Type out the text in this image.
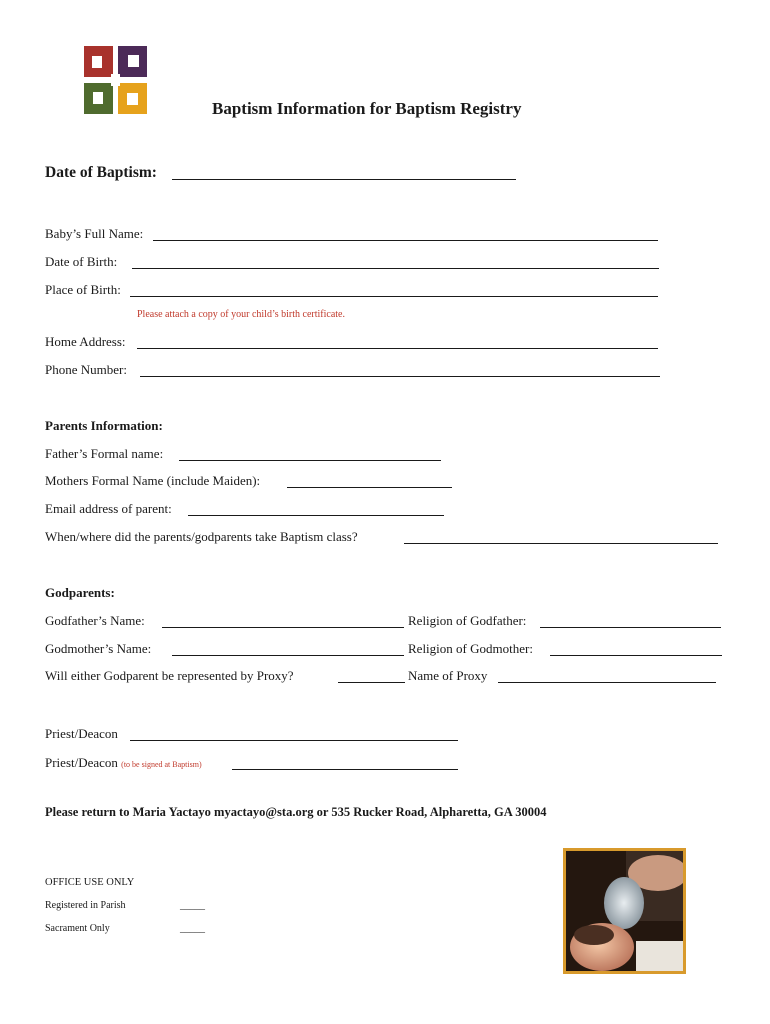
Baptism Information for Baptism Registry
Date of Baptism:
Baby’s Full Name:
Date of Birth:
Place of Birth:
Please attach a copy of your child’s birth certificate.
Home Address:
Phone Number:
Parents Information:
Father’s Formal name:
Mothers Formal Name (include Maiden):
Email address of parent:
When/where did the parents/godparents take Baptism class?
Godparents:
Godfather’s Name:	Religion of Godfather:
Godmother’s Name:	Religion of Godmother:
Will either Godparent be represented by Proxy?	Name of Proxy
Priest/Deacon
Priest/Deacon (to be signed at Baptism)
Please return to Maria Yactayo myactayo@sta.org or 535 Rucker Road, Alpharetta, GA 30004
OFFICE USE ONLY
Registered in Parish	_____
Sacrament Only	_____
